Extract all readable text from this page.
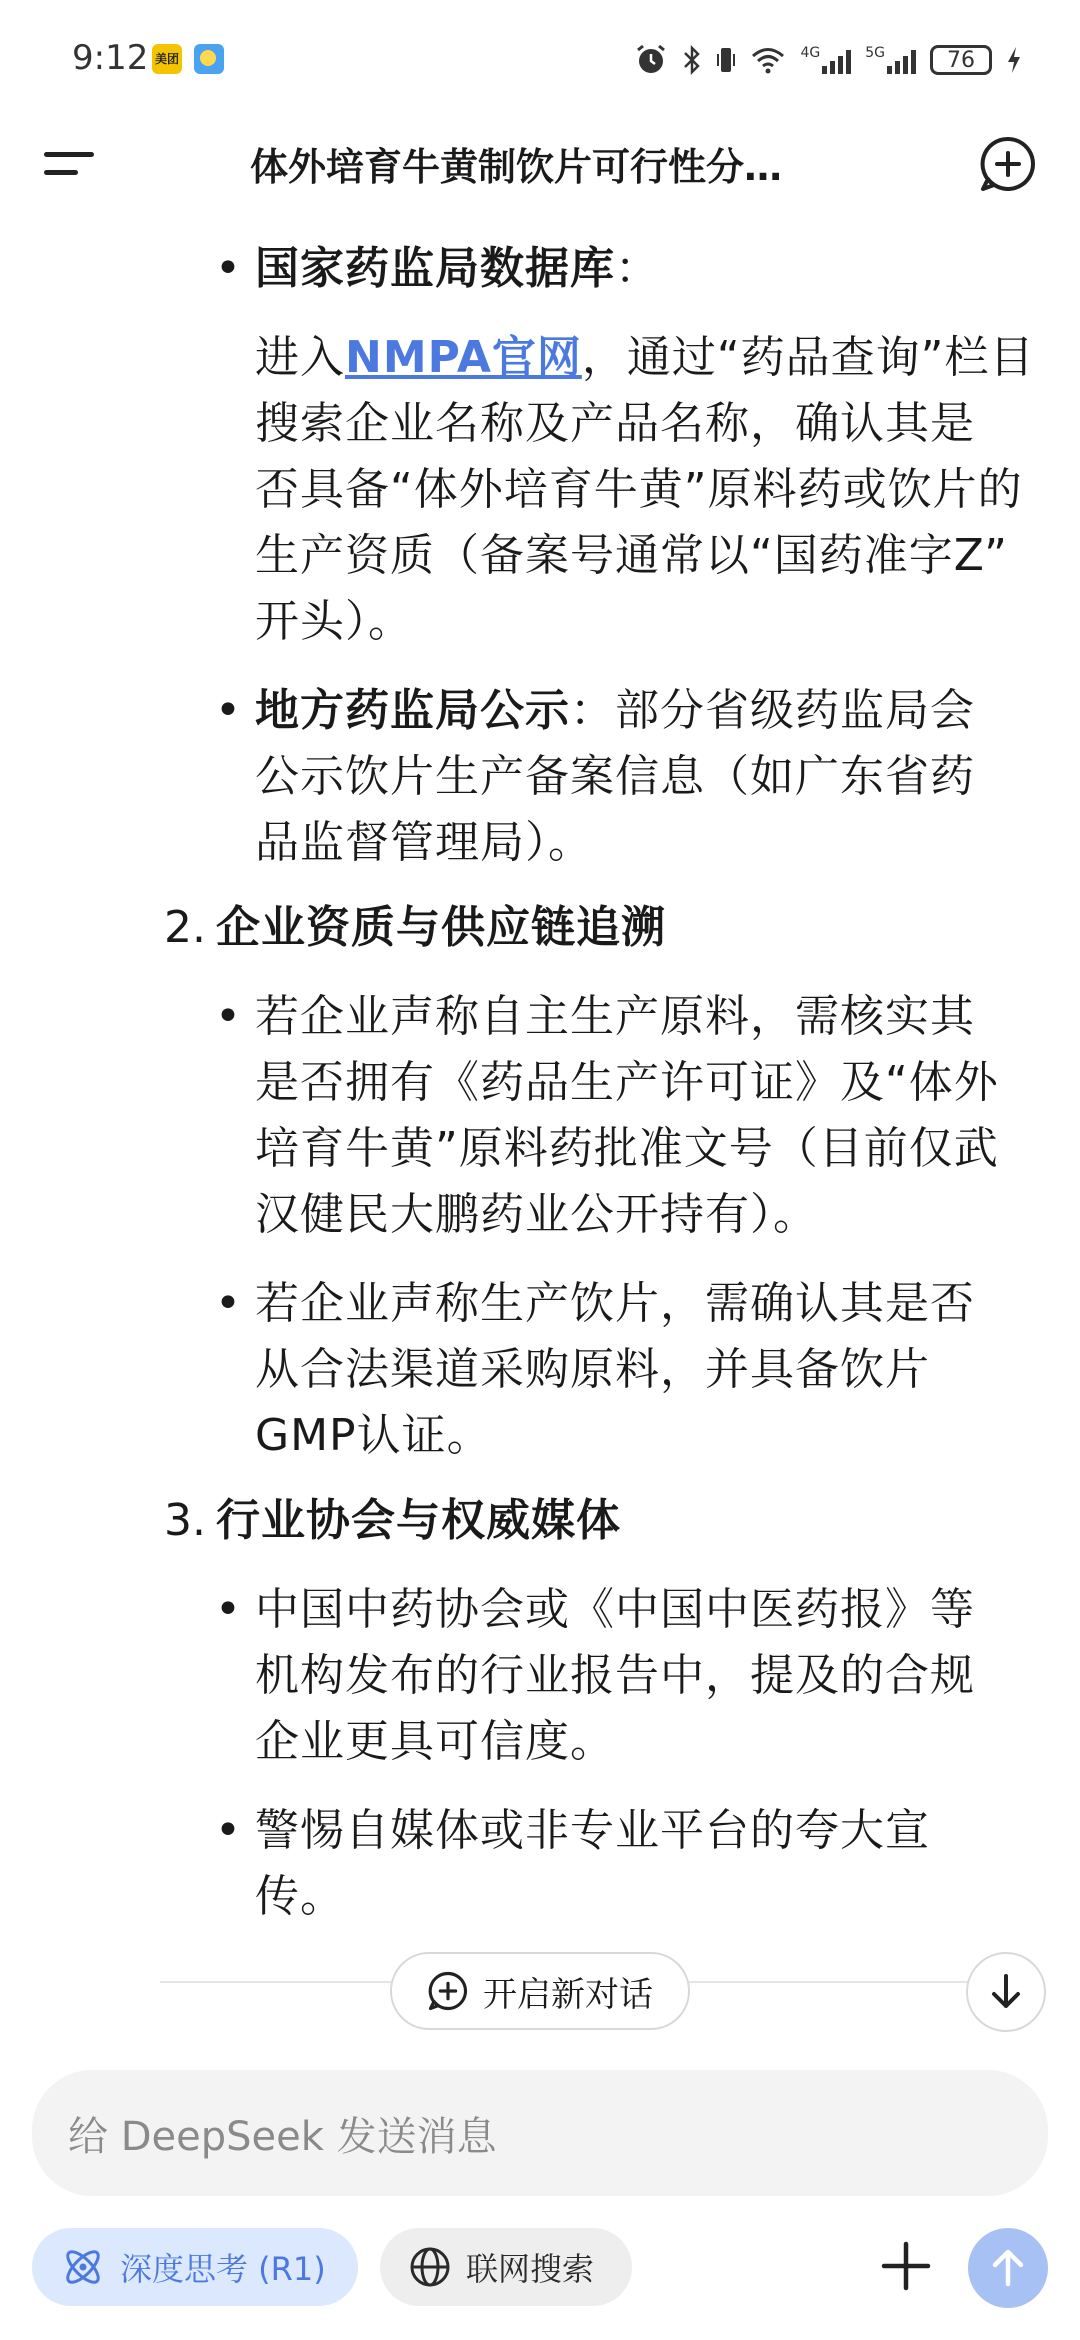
9:12 美团	4G	5G	76
体外培育牛黄制饮片可行性分…
• 国家药监局数据库：
进入NMPA官网，通过“药品查询”栏目
搜索企业名称及产品名称，确认其是
否具备“体外培育牛黄”原料药或饮片的
生产资质（备案号通常以“国药准字Z”
开头）。
• 地方药监局公示：部分省级药监局会
公示饮片生产备案信息（如广东省药
品监督管理局）。
2. 企业资质与供应链追溯
• 若企业声称自主生产原料，需核实其
是否拥有《药品生产许可证》及“体外
培育牛黄”原料药批准文号（目前仅武
汉健民大鹏药业公开持有）。
• 若企业声称生产饮片，需确认其是否
从合法渠道采购原料，并具备饮片
GMP认证。
3. 行业协会与权威媒体
• 中国中药协会或《中国中医药报》等
机构发布的行业报告中，提及的合规
企业更具可信度。
• 警惕自媒体或非专业平台的夸大宣
传。
开启新对话
给 DeepSeek 发送消息
深度思考 (R1)	联网搜索
